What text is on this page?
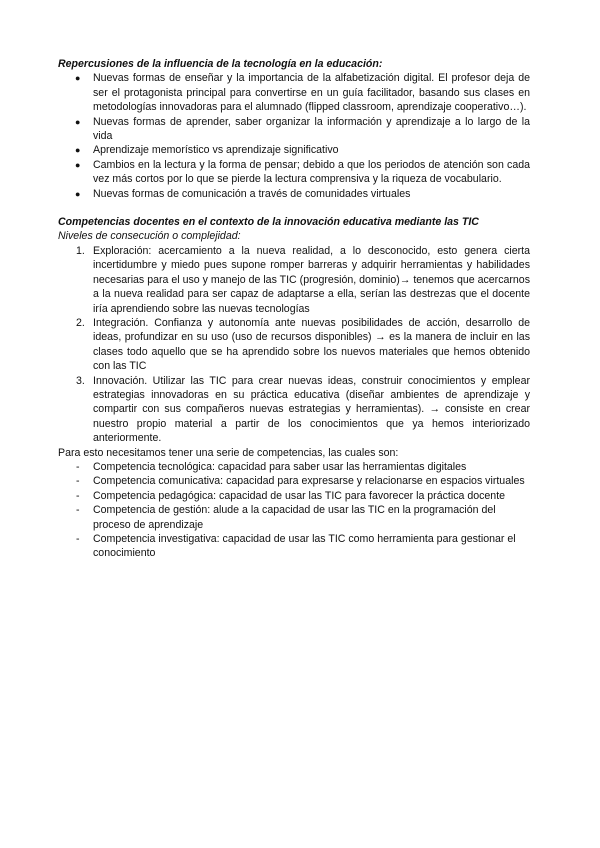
Repercusiones de la influencia de la tecnología en la educación:

● Nuevas formas de enseñar y la importancia de la alfabetización digital. El profesor deja de ser el protagonista principal para convertirse en un guía facilitador, basando sus clases en metodologías innovadoras para el alumnado (flipped classroom, aprendizaje cooperativo…).
● Nuevas formas de aprender, saber organizar la información y aprendizaje a lo largo de la vida
● Aprendizaje memorístico vs aprendizaje significativo
● Cambios en la lectura y la forma de pensar; debido a que los periodos de atención son cada vez más cortos por lo que se pierde la lectura comprensiva y la riqueza de vocabulario.
● Nuevas formas de comunicación a través de comunidades virtuales

Competencias docentes en el contexto de la innovación educativa mediante las TIC

Niveles de consecución o complejidad:

1. Exploración: acercamiento a la nueva realidad, a lo desconocido, esto genera cierta incertidumbre y miedo pues supone romper barreras y adquirir herramientas y habilidades necesarias para el uso y manejo de las TIC (progresión, dominio)→ tenemos que acercarnos a la nueva realidad para ser capaz de adaptarse a ella, serían las destrezas que el docente iría aprendiendo sobre las nuevas tecnologías
2. Integración. Confianza y autonomía ante nuevas posibilidades de acción, desarrollo de ideas, profundizar en su uso (uso de recursos disponibles) → es la manera de incluir en las clases todo aquello que se ha aprendido sobre los nuevos materiales que hemos obtenido con las TIC
3. Innovación. Utilizar las TIC para crear nuevas ideas, construir conocimientos y emplear estrategias innovadoras en su práctica educativa (diseñar ambientes de aprendizaje y compartir con sus compañeros nuevas estrategias y herramientas). → consiste en crear nuestro propio material a partir de los conocimientos que ya hemos interiorizado anteriormente.

Para esto necesitamos tener una serie de competencias, las cuales son:

- Competencia tecnológica: capacidad para saber usar las herramientas digitales
- Competencia comunicativa: capacidad para expresarse y relacionarse en espacios virtuales
- Competencia pedagógica: capacidad de usar las TIC para favorecer la práctica docente
- Competencia de gestión: alude a la capacidad de usar las TIC en la programación del proceso de aprendizaje
- Competencia investigativa: capacidad de usar las TIC como herramienta para gestionar el conocimiento
